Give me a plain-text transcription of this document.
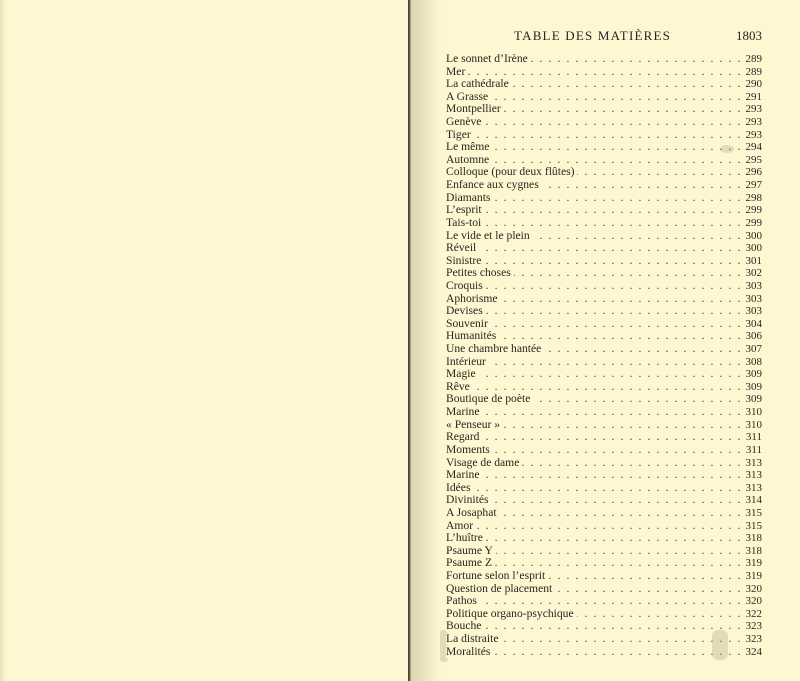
TABLE DES MATIÈRES	1803
Le sonnet d’Irène	289
. . .
Mer	289
. . .
La cathédrale	290
. . .
A Grasse	291
. . .
Montpellier	293
. . .
Genève	293
. . .
Tiger	293
. . .
Le même	294
. . .
Automne	295
. . .
Colloque (pour deux flûtes)	296
. . .
Enfance aux cygnes	297
. . .
Diamants	298
. . .
L’esprit	299
. . .
Tais-toi	299
. . .
Le vide et le plein	300
. . .
Réveil	300
. . .
Sinistre	301
. . .
Petites choses	302
. . .
Croquis	303
. . .
Aphorisme	303
. . .
Devises	303
. . .
Souvenir	304
. . .
Humanités	306
. . .
Une chambre hantée	307
. . .
Intérieur	308
. . .
Magie	309
. . .
Rêve	309
. . .
Boutique de poète	309
. . .
Marine	310
. . .
« Penseur »	310
. . .
Regard	311
. . .
Moments	311
. . .
Visage de dame	313
. . .
Marine	313
. . .
Idées	313
. . .
Divinités	314
. . .
A Josaphat	315
. . .
Amor	315
. . .
L’huître	318
. . .
Psaume Y	318
. . .
Psaume Z	319
. . .
Fortune selon l’esprit	319
. . .
Question de placement	320
. . .
Pathos	320
. . .
Politique organo-psychique	322
. . .
Bouche	323
. . .
La distraite	323
. . .
Moralités	324
. . .
